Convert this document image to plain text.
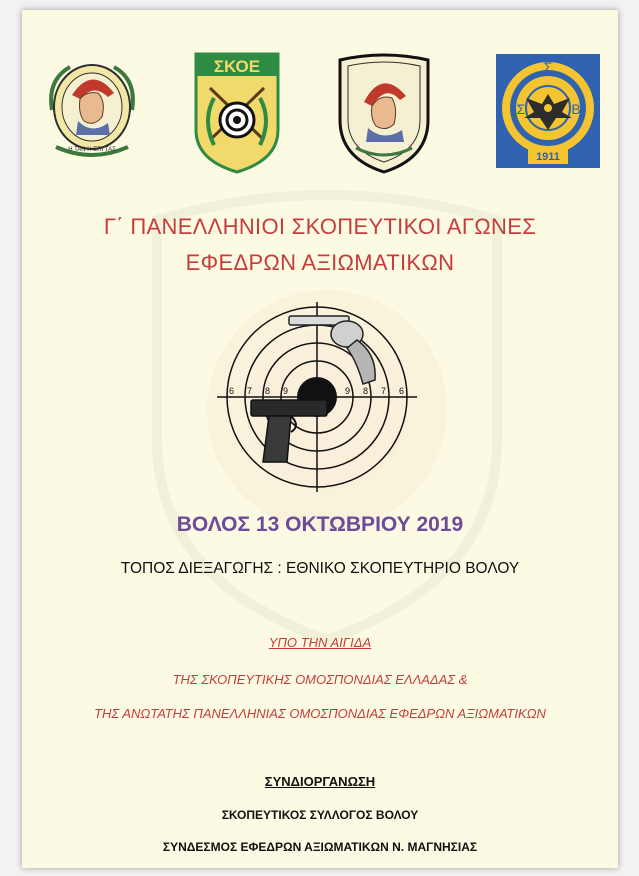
Η ΤΑΝ Η ΕΠΙ ΤΑΣ
ΣΚΟΕ	Σ
Σ	Β
1911
Γ΄ ΠΑΝΕΛΛΗΝΙΟΙ ΣΚΟΠΕΥΤΙΚΟΙ ΑΓΩΝΕΣ
ΕΦΕΔΡΩΝ ΑΞΙΩΜΑΤΙΚΩΝ
6 7 8 9	9 8 7 6

ΒΟΛΟΣ 13 ΟΚΤΩΒΡΙΟΥ 2019

ΤΟΠΟΣ ΔΙΕΞΑΓΩΓΗΣ : ΕΘΝΙΚΟ ΣΚΟΠΕΥΤΗΡΙΟ ΒΟΛΟΥ

ΥΠΟ ΤΗΝ ΑΙΓΙΔΑ

ΤΗΣ ΣΚΟΠΕΥΤΙΚΗΣ ΟΜΟΣΠΟΝΔΙΑΣ ΕΛΛΑΔΑΣ &

ΤΗΣ ΑΝΩΤΑΤΗΣ ΠΑΝΕΛΛΗΝΙΑΣ ΟΜΟΣΠΟΝΔΙΑΣ ΕΦΕΔΡΩΝ ΑΞΙΩΜΑΤΙΚΩΝ

ΣΥΝΔΙΟΡΓΑΝΩΣΗ

ΣΚΟΠΕΥΤΙΚΟΣ ΣΥΛΛΟΓΟΣ ΒΟΛΟΥ

ΣΥΝΔΕΣΜΟΣ ΕΦΕΔΡΩΝ ΑΞΙΩΜΑΤΙΚΩΝ Ν. ΜΑΓΝΗΣΙΑΣ
